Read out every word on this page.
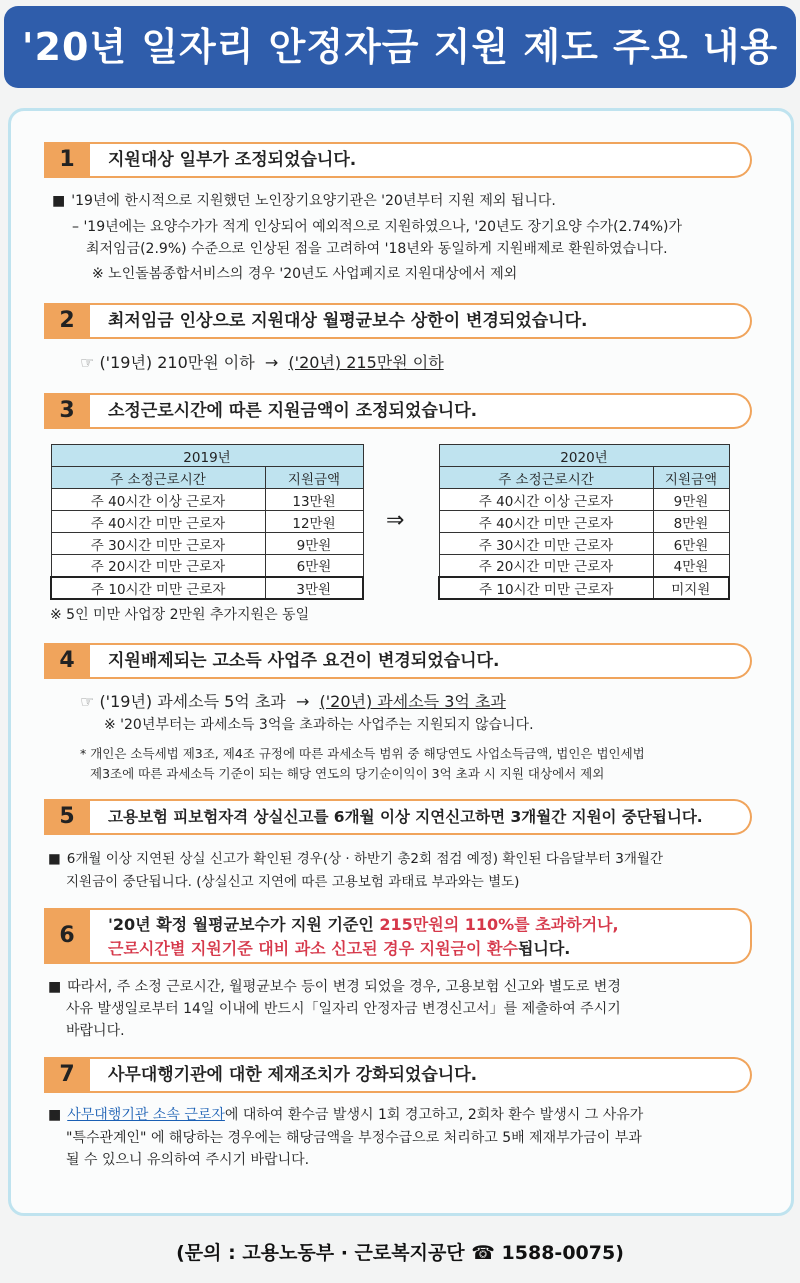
'20년 일자리 안정자금 지원 제도 주요 내용
1	지원대상 일부가 조정되었습니다.
■ '19년에 한시적으로 지원했던 노인장기요양기관은 '20년부터 지원 제외 됩니다.
– '19년에는 요양수가가 적게 인상되어 예외적으로 지원하였으나, '20년도 장기요양 수가(2.74%)가
최저임금(2.9%) 수준으로 인상된 점을 고려하여 '18년와 동일하게 지원배제로 환원하였습니다.
※ 노인돌봄종합서비스의 경우 '20년도 사업폐지로 지원대상에서 제외
2	최저임금 인상으로 지원대상 월평균보수 상한이 변경되었습니다.
☞ ('19년) 210만원 이하 → ('20년) 215만원 이하
3	소정근로시간에 따른 지원금액이 조정되었습니다.
2019년	
주 소정근로시간	지원금액
주 40시간 이상 근로자	13만원
주 40시간 미만 근로자	12만원
주 30시간 미만 근로자	9만원
주 20시간 미만 근로자	6만원
주 10시간 미만 근로자	3만원
⇒
2020년	
주 소정근로시간	지원금액
주 40시간 이상 근로자	9만원
주 40시간 미만 근로자	8만원
주 30시간 미만 근로자	6만원
주 20시간 미만 근로자	4만원
주 10시간 미만 근로자	미지원
※ 5인 미만 사업장 2만원 추가지원은 동일
4	지원배제되는 고소득 사업주 요건이 변경되었습니다.
☞ ('19년) 과세소득 5억 초과 → ('20년) 과세소득 3억 초과
※ '20년부터는 과세소득 3억을 초과하는 사업주는 지원되지 않습니다.
* 개인은 소득세법 제3조, 제4조 규정에 따른 과세소득 범위 중 해당연도 사업소득금액, 법인은 법인세법
제3조에 따른 과세소득 기준이 되는 해당 연도의 당기순이익이 3억 초과 시 지원 대상에서 제외
5	고용보험 피보험자격 상실신고를 6개월 이상 지연신고하면 3개월간 지원이 중단됩니다.
■ 6개월 이상 지연된 상실 신고가 확인된 경우(상 · 하반기 총2회 점검 예정) 확인된 다음달부터 3개월간
지원금이 중단됩니다. (상실신고 지연에 따른 고용보험 과태료 부과와는 별도)
6	'20년 확정 월평균보수가 지원 기준인 215만원의 110%를 초과하거나,
근로시간별 지원기준 대비 과소 신고된 경우 지원금이 환수됩니다.
■ 따라서, 주 소정 근로시간, 월평균보수 등이 변경 되었을 경우, 고용보험 신고와 별도로 변경
사유 발생일로부터 14일 이내에 반드시「일자리 안정자금 변경신고서」를 제출하여 주시기
바랍니다.
7	사무대행기관에 대한 제재조치가 강화되었습니다.
■ 사무대행기관 소속 근로자에 대하여 환수금 발생시 1회 경고하고, 2회차 환수 발생시 그 사유가
"특수관계인" 에 해당하는 경우에는 해당금액을 부정수급으로 처리하고 5배 제재부가금이 부과
될 수 있으니 유의하여 주시기 바랍니다.
(문의 : 고용노동부 · 근로복지공단 ☎ 1588-0075)
